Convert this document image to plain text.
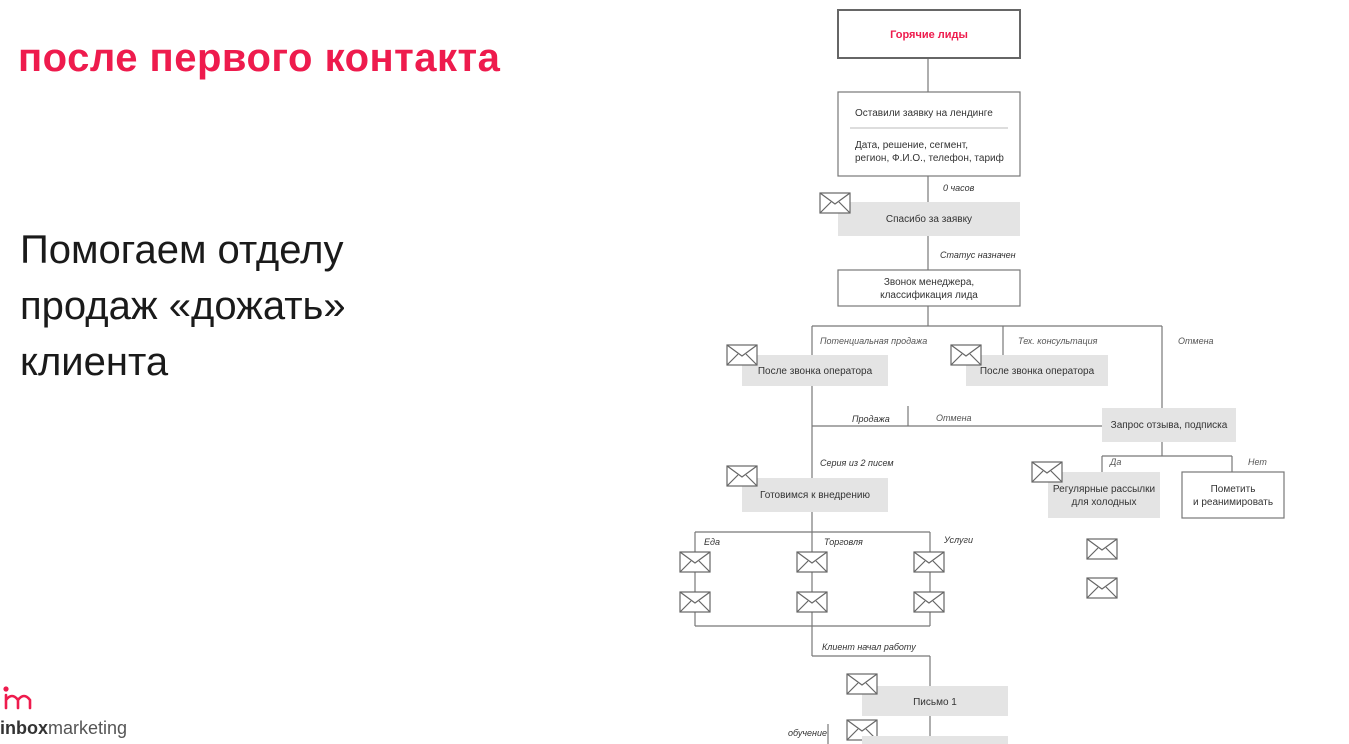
после первого контакта
Помогаем отделу
продаж «дожать»
клиента
inboxmarketing
Горячие лиды
Оставили заявку на лендинге
Дата, решение, сегмент,
регион, Ф.И.О., телефон, тариф
0 часов
Спасибо за заявку
Статус назначен
Звонок менеджера,
классификация лида
Потенциальная продажа	Тех. консультация	Отмена
После звонка оператора	После звонка оператора
Продажа	Отмена
Запрос отзыва, подписка
Серия из 2 писем
Готовимся к внедрению
Да	Нет
Регулярные рассылки
для холодных
Пометить
и реанимировать
Еда	Торговля	Услуги
Клиент начал работу
Письмо 1
обучение
